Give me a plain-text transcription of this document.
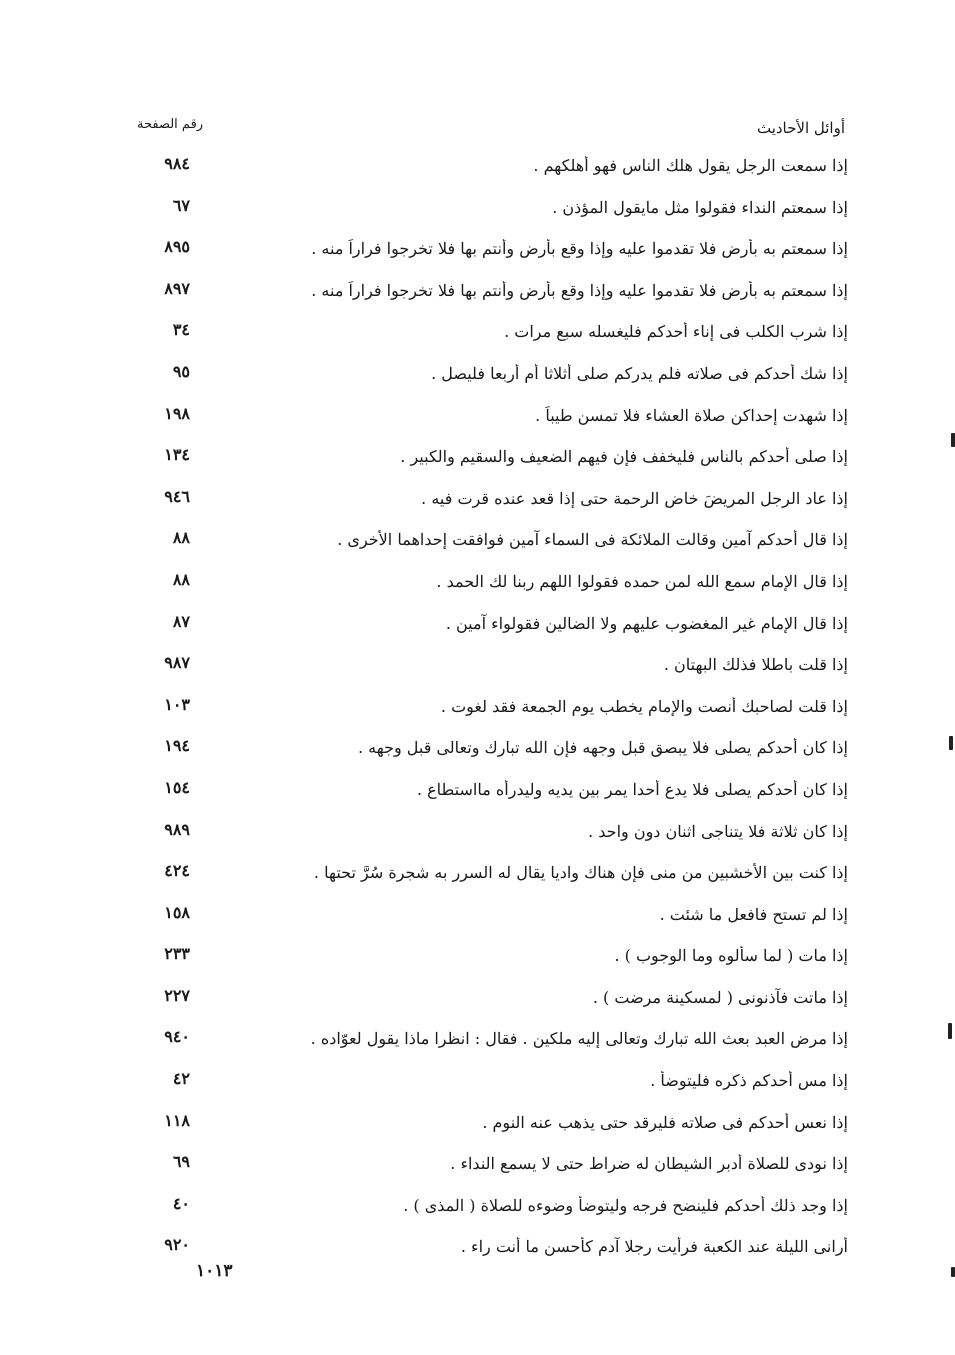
أوائل الأحاديث
رقم الصفحة
إذا سمعت الرجل يقول هلك الناس فهو أهلكهم .
٩٨٤
إذا سمعتم النداء فقولوا مثل مايقول المؤذن .
٦٧
إذا سمعتم به بأرض فلا تقدموا عليه وإذا وقع بأرض وأنتم بها فلا تخرجوا فراراً منه .
٨٩٥
إذا سمعتم به بأرض فلا تقدموا عليه وإذا وقع بأرض وأنتم بها فلا تخرجوا فراراً منه .
٨٩٧
إذا شرب الكلب فى إناء أحدكم فليغسله سبع مرات .
٣٤
إذا شك أحدكم فى صلاته فلم يدركم صلى أثلاثا أم أربعا فليصل .
٩٥
إذا شهدت إحداكن صلاة العشاء فلا تمسن طيباً .
١٩٨
إذا صلى أحدكم بالناس فليخفف فإن فيهم الضعيف والسقيم والكبير .
١٣٤
إذا عاد الرجل المريضَ خاض الرحمة حتى إذا قعد عنده قرت فيه .
٩٤٦
إذا قال أحدكم آمين وقالت الملائكة فى السماء آمين فوافقت إحداهما الأخرى .
٨٨
إذا قال الإمام سمع الله لمن حمده فقولوا اللهم ربنا لك الحمد .
٨٨
إذا قال الإمام غير المغضوب عليهم ولا الضالين فقولواء آمين .
٨٧
إذا قلت باطلا فذلك البهتان .
٩٨٧
إذا قلت لصاحبك أنصت والإمام يخطب يوم الجمعة فقد لغوت .
١٠٣
إذا كان أحدكم يصلى فلا يبصق قبل وجهه فإن الله تبارك وتعالى قبل وجهه .
١٩٤
إذا كان أحدكم يصلى فلا يدع أحدا يمر بين يديه وليدرأه مااستطاع .
١٥٤
إذا كان ثلاثة فلا يتناجى اثنان دون واحد .
٩٨٩
إذا كنت بين الأخشبين من منى فإن هناك واديا يقال له السرر به شجرة سُرَّ تحتها .
٤٢٤
إذا لم تستح فافعل ما شئت .
١٥٨
إذا مات ( لما سألوه وما الوجوب ) .
٢٣٣
إذا ماتت فآذنونى ( لمسكينة مرضت ) .
٢٢٧
إذا مرض العبد بعث الله تبارك وتعالى إليه ملكين . فقال : انظرا ماذا يقول لعوّاده .
٩٤٠
إذا مس أحدكم ذكره فليتوضأ .
٤٢
إذا نعس أحدكم فى صلاته فليرقد حتى يذهب عنه النوم .
١١٨
إذا نودى للصلاة أدبر الشيطان له ضراط حتى لا يسمع النداء .
٦٩
إذا وجد ذلك أحدكم فلينضح فرجه وليتوضأ وضوءه للصلاة ( المذى ) .
٤٠
أرانى الليلة عند الكعبة فرأيت رجلا آدم كأحسن ما أنت راء .
٩٢٠
١٠١٣
